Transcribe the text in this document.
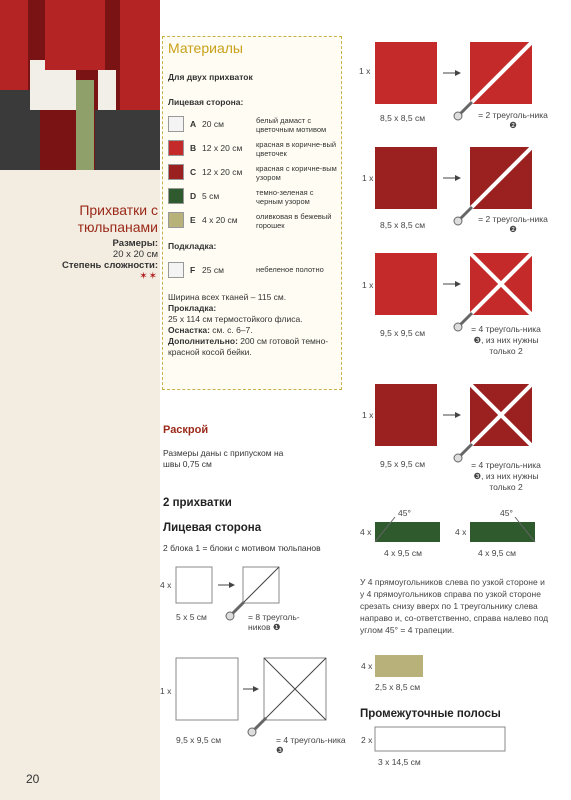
Прихватки с тюльпанами
Размеры:
20 х 20 см
Степень сложности:
✶✶
Материалы
Для двух прихваток
Лицевая сторона:
A 20 см	белый дамаст с цветочным мотивом
B 12 х 20 см красная в коричне-вый цветочек
C 12 х 20 см красная с коричне-вым узором
D 5 см	темно-зеленая с черным узором
E 4 х 20 см оливковая в бежевый горошек
Подкладка:
F 25 см	небеленое полотно
Ширина всех тканей – 115 см.
Прокладка:
25 х 114 см термостойкого флиса.
Оснастка: см. с. 6–7.
Дополнительно: 200 см готовой темно-красной косой бейки.
Раскрой
Размеры даны с припуском на швы 0,75 см
2 прихватки
Лицевая сторона
2 блока 1 = блоки с мотивом тюльпанов
1 х
8,5 х 8,5 см	= 2 треуголь-ника ❷
1 х
8,5 х 8,5 см
= 2 треуголь-ника ❷
1 х
9,5 х 9,5 см	= 4 треуголь-ника ❸, из них нужны только 2
1 х
9,5 х 9,5 см	= 4 треуголь-ника ❸, из них нужны только 2
45°	45°
4 х
4 х 9,5 см
4 х
4 х 9,5 см
У 4 прямоугольников слева по узкой стороне и у 4 прямоугольников справа по узкой стороне срезать снизу вверх по 1 треугольнику слева направо и, со-ответственно, справа налево под углом 45° = 4 трапеции.
4 х
2,5 х 8,5 см
Промежуточные полосы
2 х
3 х 14,5 см
4 х
5 х 5 см	= 8 треуголь-ников ❶
1 х
9,5 х 9,5 см	= 4 треуголь-ника ❸
20
